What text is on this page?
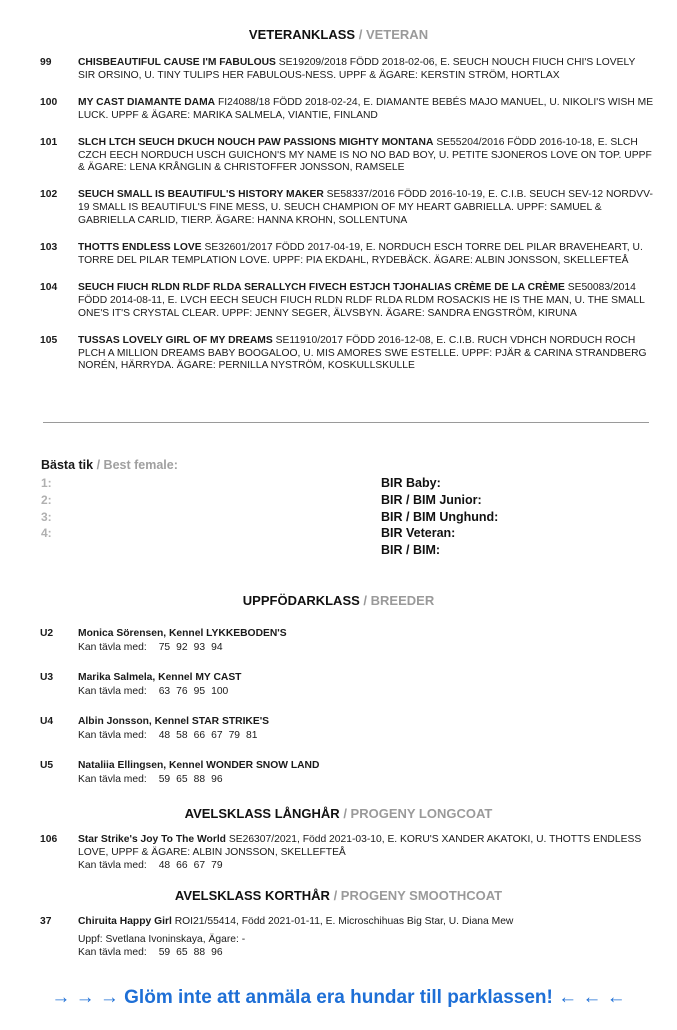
VETERANKLASS / VETERAN
99	CHISBEAUTIFUL CAUSE I'M FABULOUS SE19209/2018 FÖDD 2018-02-06, E. SEUCH NOUCH FIUCH CHI'S LOVELY SIR ORSINO, U. TINY TULIPS HER FABULOUS-NESS. UPPF & ÄGARE: KERSTIN STRÖM, HORTLAX
100	MY CAST DIAMANTE DAMA FI24088/18 FÖDD 2018-02-24, E. DIAMANTE BEBÉS MAJO MANUEL, U. NIKOLI'S WISH ME LUCK. UPPF & ÄGARE: MARIKA SALMELA, VIANTIE, FINLAND
101	SLCH LTCH SEUCH DKUCH NOUCH PAW PASSIONS MIGHTY MONTANA SE55204/2016 FÖDD 2016-10-18, E. SLCH CZCH EECH NORDUCH USCH GUICHON'S MY NAME IS NO NO BAD BOY, U. PETITE SJONEROS LOVE ON TOP. UPPF & ÄGARE: LENA KRÅNGLIN & CHRISTOFFER JONSSON, RAMSELE
102	SEUCH SMALL IS BEAUTIFUL'S HISTORY MAKER SE58337/2016 FÖDD 2016-10-19, E. C.I.B. SEUCH SEV-12 NORDVV-19 SMALL IS BEAUTIFUL'S FINE MESS, U. SEUCH CHAMPION OF MY HEART GABRIELLA. UPPF: SAMUEL & GABRIELLA CARLID, TIERP. ÄGARE: HANNA KROHN, SOLLENTUNA
103	THOTTS ENDLESS LOVE SE32601/2017 FÖDD 2017-04-19, E. NORDUCH ESCH TORRE DEL PILAR BRAVEHEART, U. TORRE DEL PILAR TEMPLATION LOVE. UPPF: PIA EKDAHL, RYDEBÄCK. ÄGARE: ALBIN JONSSON, SKELLEFTEÅ
104	SEUCH FIUCH RLDN RLDF RLDA SERALLYCH FIVECH ESTJCH TJOHALIAS CRÈME DE LA CRÈME SE50083/2014 FÖDD 2014-08-11, E. LVCH EECH SEUCH FIUCH RLDN RLDF RLDA RLDM ROSACKIS HE IS THE MAN, U. THE SMALL ONE'S IT'S CRYSTAL CLEAR. UPPF: JENNY SEGER, ÄLVSBYN. ÄGARE: SANDRA ENGSTRÖM, KIRUNA
105	TUSSAS LOVELY GIRL OF MY DREAMS SE11910/2017 FÖDD 2016-12-08, E. C.I.B. RUCH VDHCH NORDUCH ROCH PLCH A MILLION DREAMS BABY BOOGALOO, U. MIS AMORES SWE ESTELLE. UPPF: PJÄR & CARINA STRANDBERG NORÉN, HÄRRYDA. ÄGARE: PERNILLA NYSTRÖM, KOSKULLSKULLE
Bästa tik / Best female:
1:
2:
3:
4:
BIR Baby:
BIR / BIM Junior:
BIR / BIM Unghund:
BIR Veteran:
BIR / BIM:
UPPFÖDARKLASS / BREEDER
U2	Monica Sörensen, Kennel LYKKEBODEN'S
Kan tävla med: 75 92 93 94
U3	Marika Salmela, Kennel MY CAST
Kan tävla med: 63 76 95 100
U4	Albin Jonsson, Kennel STAR STRIKE'S
Kan tävla med: 48 58 66 67 79 81
U5	Nataliia Ellingsen, Kennel WONDER SNOW LAND
Kan tävla med: 59 65 88 96
AVELSKLASS LÅNGHÅR / PROGENY LONGCOAT
106	Star Strike's Joy To The World SE26307/2021, Född 2021-03-10, E. KORU'S XANDER AKATOKI, U. THOTTS ENDLESS LOVE, UPPF & ÄGARE: ALBIN JONSSON, SKELLEFTEÅ
Kan tävla med: 48 66 67 79
AVELSKLASS KORTHÅR / PROGENY SMOOTHCOAT
37	Chiruita Happy Girl ROI21/55414, Född 2021-01-11, E. Microschihuas Big Star, U. Diana Mew
Uppf: Svetlana Ivoninskaya, Ägare: -
Kan tävla med: 59 65 88 96
→ → → Glöm inte att anmäla era hundar till parklassen! ← ← ←
